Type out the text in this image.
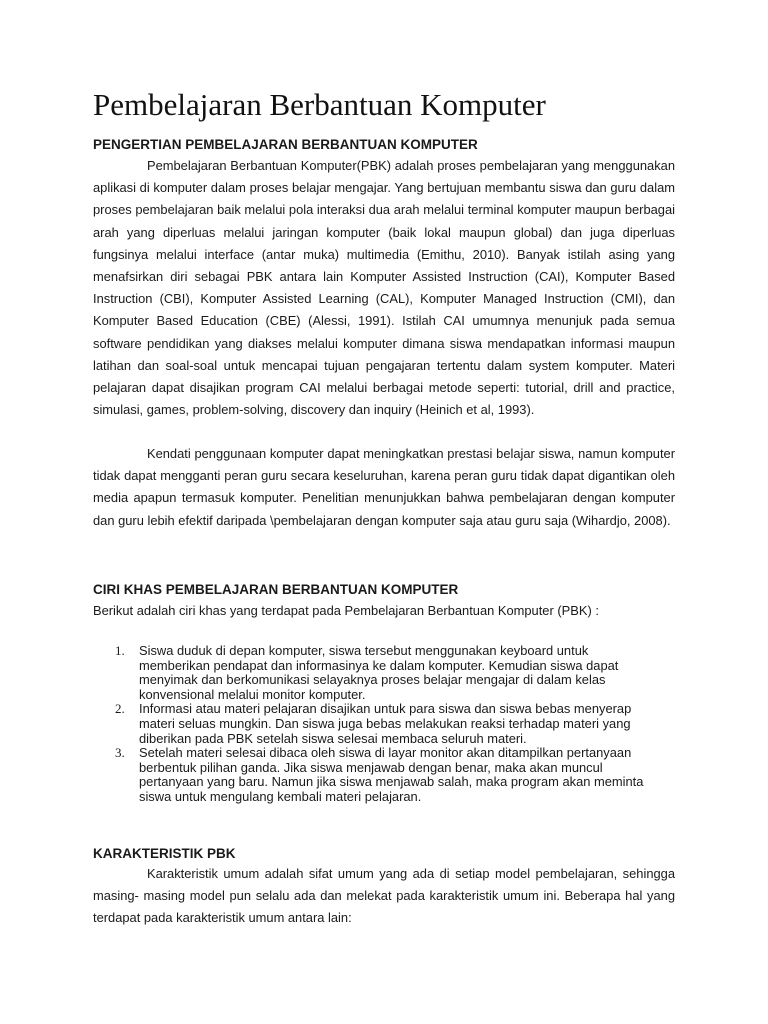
Pembelajaran Berbantuan Komputer
PENGERTIAN PEMBELAJARAN BERBANTUAN KOMPUTER

Pembelajaran Berbantuan Komputer(PBK) adalah proses pembelajaran yang menggunakan aplikasi di komputer dalam proses belajar mengajar. Yang bertujuan membantu siswa dan guru dalam proses pembelajaran baik melalui pola interaksi dua arah melalui terminal komputer maupun berbagai arah yang diperluas melalui jaringan komputer (baik lokal maupun global) dan juga diperluas fungsinya melalui interface (antar muka) multimedia (Emithu, 2010). Banyak istilah asing yang menafsirkan diri sebagai PBK antara lain Komputer Assisted Instruction (CAI), Komputer Based Instruction (CBI), Komputer Assisted Learning (CAL), Komputer Managed Instruction (CMI), dan Komputer Based Education (CBE) (Alessi, 1991). Istilah CAI umumnya menunjuk pada semua software pendidikan yang diakses melalui komputer dimana siswa mendapatkan informasi maupun latihan dan soal-soal untuk mencapai tujuan pengajaran tertentu dalam system komputer. Materi pelajaran dapat disajikan program CAI melalui berbagai metode seperti: tutorial, drill and practice, simulasi, games, problem-solving, discovery dan inquiry (Heinich et al, 1993).

Kendati penggunaan komputer dapat meningkatkan prestasi belajar siswa, namun komputer tidak dapat mengganti peran guru secara keseluruhan, karena peran guru tidak dapat digantikan oleh media apapun termasuk komputer. Penelitian menunjukkan bahwa pembelajaran dengan komputer dan guru lebih efektif daripada \pembelajaran dengan komputer saja atau guru saja (Wihardjo, 2008).

CIRI KHAS PEMBELAJARAN BERBANTUAN KOMPUTER

Berikut adalah ciri khas yang terdapat pada Pembelajaran Berbantuan Komputer (PBK) :

1. Siswa duduk di depan komputer, siswa tersebut menggunakan keyboard untuk memberikan pendapat dan informasinya ke dalam komputer. Kemudian siswa dapat menyimak dan berkomunikasi selayaknya proses belajar mengajar di dalam kelas konvensional melalui monitor komputer.
2. Informasi atau materi pelajaran disajikan untuk para siswa dan siswa bebas menyerap materi seluas mungkin. Dan siswa juga bebas melakukan reaksi terhadap materi yang diberikan pada PBK setelah siswa selesai membaca seluruh materi.
3. Setelah materi selesai dibaca oleh siswa di layar monitor akan ditampilkan pertanyaan berbentuk pilihan ganda. Jika siswa menjawab dengan benar, maka akan muncul pertanyaan yang baru. Namun jika siswa menjawab salah, maka program akan meminta siswa untuk mengulang kembali materi pelajaran.
KARAKTERISTIK PBK

Karakteristik umum adalah sifat umum yang ada di setiap model pembelajaran, sehingga masing- masing model pun selalu ada dan melekat pada karakteristik umum ini. Beberapa hal yang terdapat pada karakteristik umum antara lain:
